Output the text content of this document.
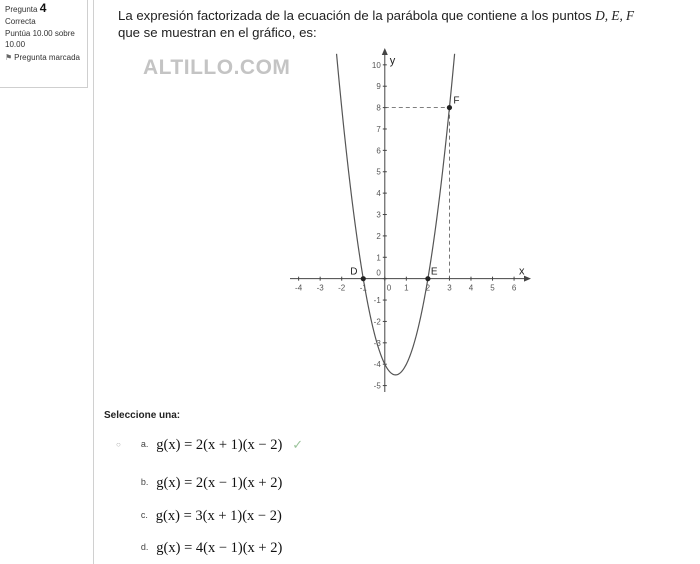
Pregunta 4
Correcta
Puntúa 10.00 sobre 10.00
⚑ Pregunta marcada
La expresión factorizada de la ecuación de la parábola que contiene a los puntos D, E, F
que se muestran en el gráfico, es:
ALTILLO.COM
-4 -3 -2 -1 0 1 2 3 4 5 6
-5
-4
-3
-2
-1
0
1
2
3
4
5
6
7
8
9
10
x
y
D	E
F
Seleccione una:
○ $^{a.}$ g(x) = 2(x + 1)(x − 2) ✓
$^{b.}$ g(x) = 2(x − 1)(x + 2)
$^{c.}$ g(x) = 3(x + 1)(x − 2)
$^{d.}$ g(x) = 4(x − 1)(x + 2)
